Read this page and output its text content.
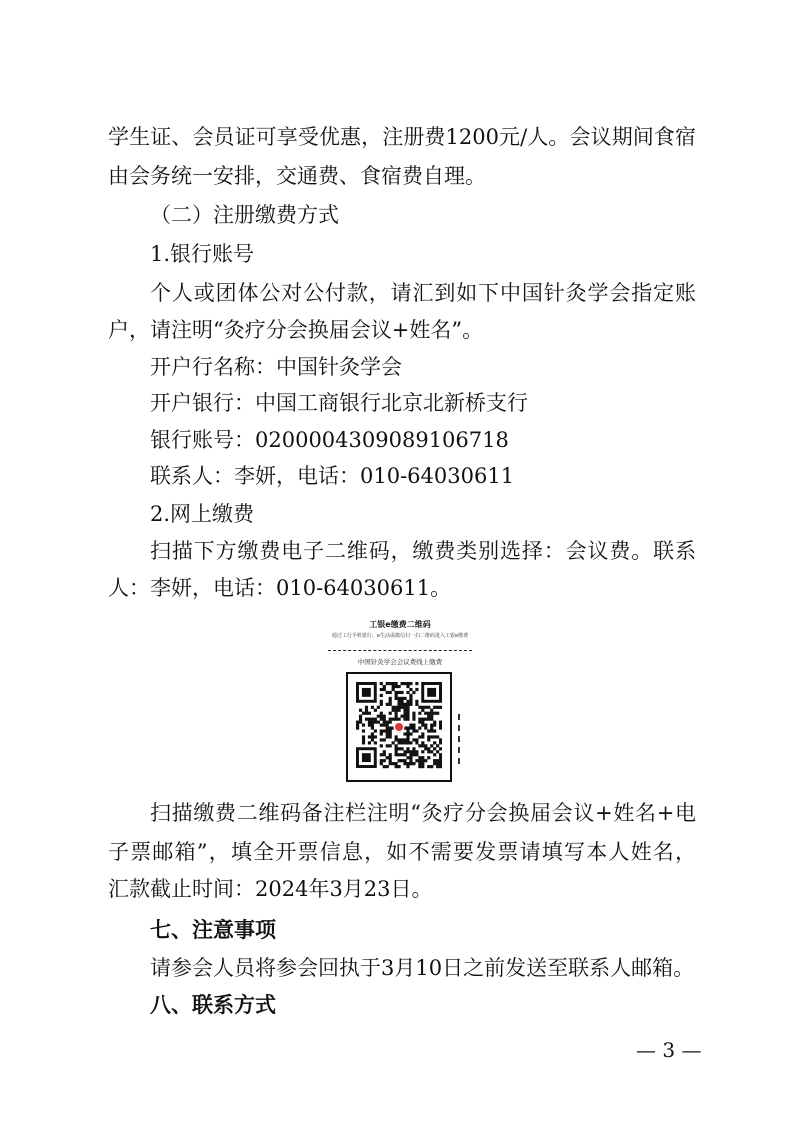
学生证、会员证可享受优惠，注册费1200元/人。会议期间食宿
由会务统一安排，交通费、食宿费自理。
（二）注册缴费方式
1.银行账号
个人或团体公对公付款，请汇到如下中国针灸学会指定账
户，请注明“灸疗分会换届会议+姓名”。
开户行名称：中国针灸学会
开户银行：中国工商银行北京北新桥支行
银行账号：0200004309089106718
联系人：李妍，电话：010-64030611
2.网上缴费
扫描下方缴费电子二维码，缴费类别选择：会议费。联系
人：李妍，电话：010-64030611。
工银e缴费二维码
通过工行手机银行、e生活或微信扫一扫二维码进入工银e缴费
中国针灸学会会议费线上缴费
扫描缴费二维码备注栏注明“灸疗分会换届会议+姓名+电
子票邮箱”，填全开票信息，如不需要发票请填写本人姓名，
汇款截止时间：2024年3月23日。
七、注意事项
请参会人员将参会回执于3月10日之前发送至联系人邮箱。
八、联系方式
— 3 —
